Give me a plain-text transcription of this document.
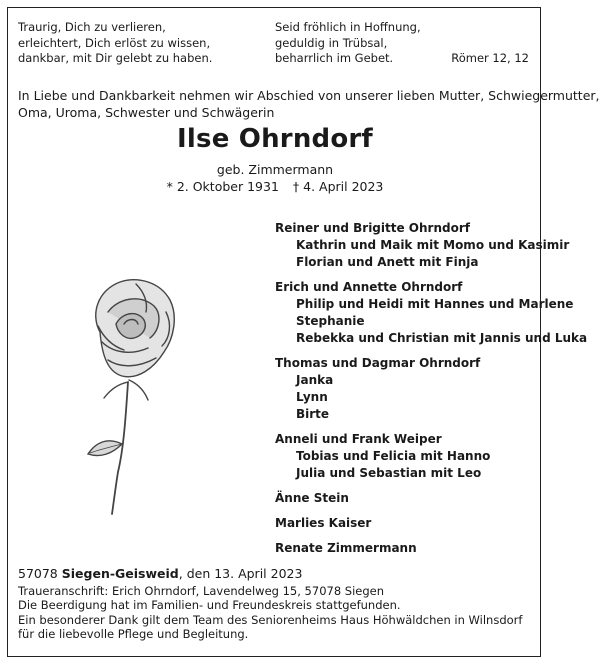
Traurig, Dich zu verlieren,
erleichtert, Dich erlöst zu wissen,
dankbar, mit Dir gelebt zu haben.
Seid fröhlich in Hoffnung,
geduldig in Trübsal,
beharrlich im Gebet.	Römer 12, 12
In Liebe und Dankbarkeit nehmen wir Abschied von unserer lieben Mutter, Schwiegermutter,
Oma, Uroma, Schwester und Schwägerin
Ilse Ohrndorf
geb. Zimmermann
* 2. Oktober 1931 † 4. April 2023
Reiner und Brigitte Ohrndorf
Kathrin und Maik mit Momo und Kasimir
Florian und Anett mit Finja
Erich und Annette Ohrndorf
Philip und Heidi mit Hannes und Marlene
Stephanie
Rebekka und Christian mit Jannis und Luka
Thomas und Dagmar Ohrndorf
Janka
Lynn
Birte
Anneli und Frank Weiper
Tobias und Felicia mit Hanno
Julia und Sebastian mit Leo
Änne Stein
Marlies Kaiser
Renate Zimmermann
57078 Siegen-Geisweid, den 13. April 2023
Traueranschrift: Erich Ohrndorf, Lavendelweg 15, 57078 Siegen
Die Beerdigung hat im Familien- und Freundeskreis stattgefunden.
Ein besonderer Dank gilt dem Team des Seniorenheims Haus Höhwäldchen in Wilnsdorf
für die liebevolle Pflege und Begleitung.
